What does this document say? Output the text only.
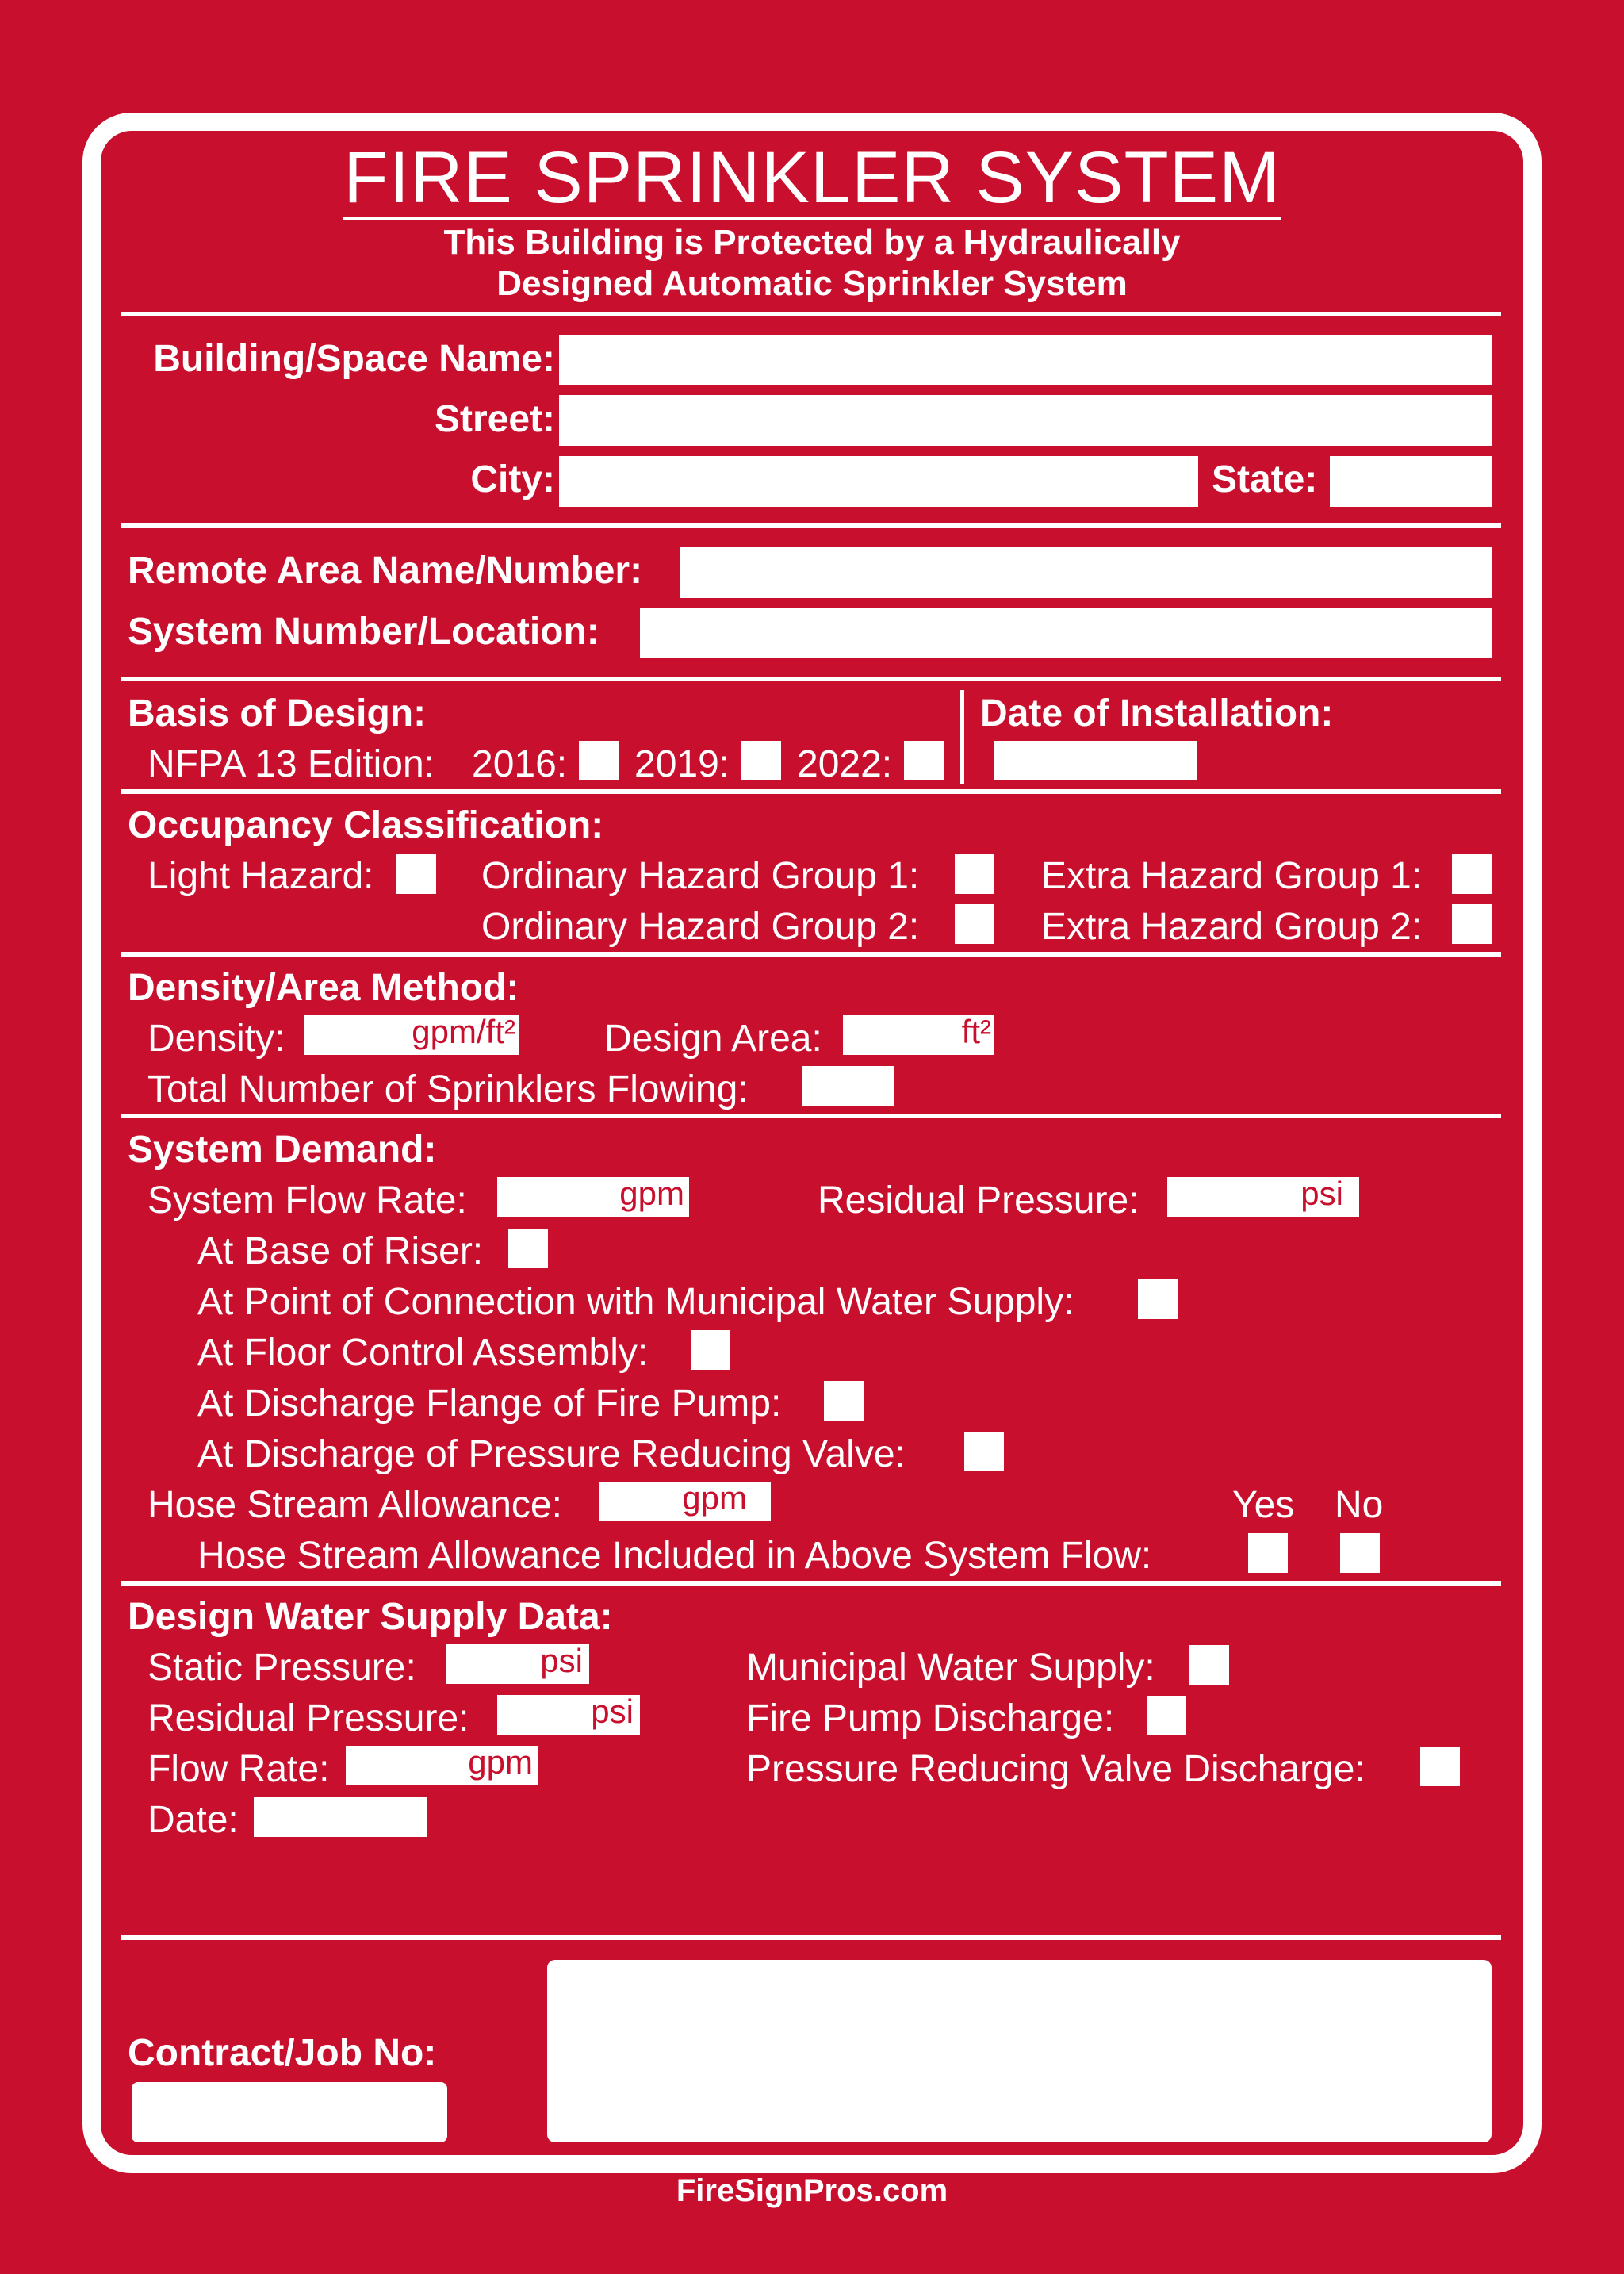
FIRE SPRINKLER SYSTEM
This Building is Protected by a Hydraulically
Designed Automatic Sprinkler System
Building/Space Name:
Street:
City:	State:
Remote Area Name/Number:
System Number/Location:
Basis of Design:
NFPA 13 Edition: 2016: 2019: 2022:
Date of Installation:
Occupancy Classification:
Light Hazard:	Ordinary Hazard Group 1:	Extra Hazard Group 1:
Ordinary Hazard Group 2:	Extra Hazard Group 2:
Density/Area Method:
Density:	gpm/ft² Design Area:	ft²
Total Number of Sprinklers Flowing:
System Demand:
System Flow Rate:	gpm	Residual Pressure:	psi
At Base of Riser:
At Point of Connection with Municipal Water Supply:
At Floor Control Assembly:
At Discharge Flange of Fire Pump:
At Discharge of Pressure Reducing Valve:
Hose Stream Allowance:	gpm	Yes No
Hose Stream Allowance Included in Above System Flow:
Design Water Supply Data:
Static Pressure:	psi	Municipal Water Supply:
Residual Pressure:	psi	Fire Pump Discharge:
Flow Rate:	gpm	Pressure Reducing Valve Discharge:
Date:
Contract/Job No:
FireSignPros.com
